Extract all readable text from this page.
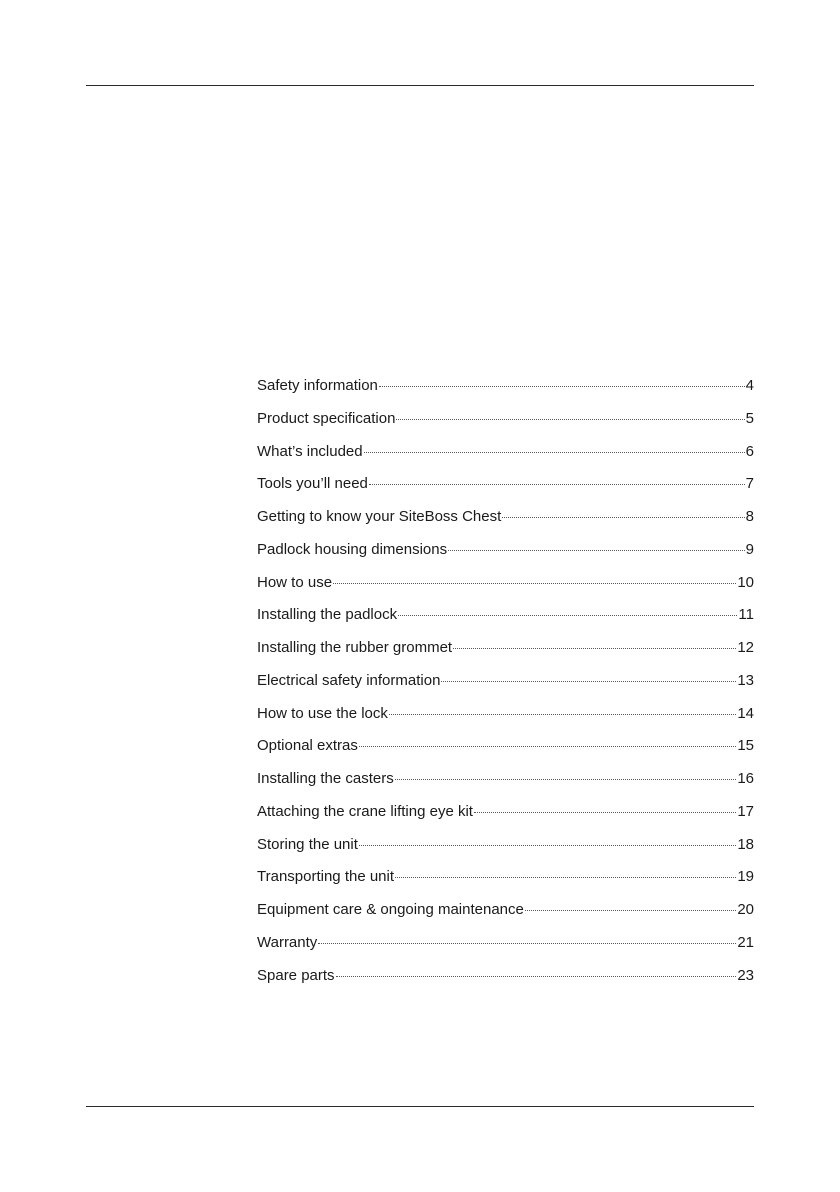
Safety information	4
Product specification	5
What’s included	6
Tools you’ll need	7
Getting to know your SiteBoss Chest	8
Padlock housing dimensions	9
How to use	10
Installing the padlock	11
Installing the rubber grommet	12
Electrical safety information	13
How to use the lock	14
Optional extras	15
Installing the casters	16
Attaching the crane lifting eye kit	17
Storing the unit	18
Transporting the unit	19
Equipment care & ongoing maintenance	20
Warranty	21
Spare parts	23
